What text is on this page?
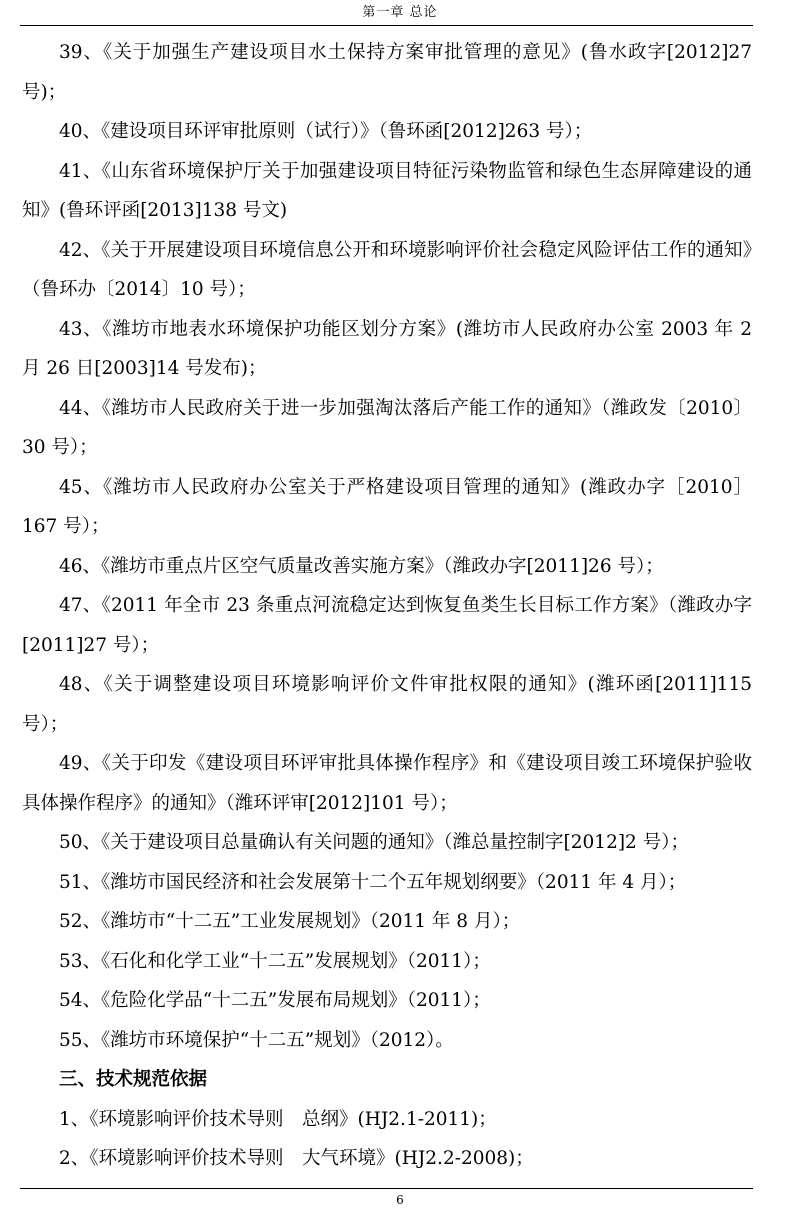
第一章 总论

39、《关于加强生产建设项目水土保持方案审批管理的意见》(鲁水政字[2012]27 号)；

40、《建设项目环评审批原则（试行）》（鲁环函[2012]263 号）；

41、《山东省环境保护厅关于加强建设项目特征污染物监管和绿色生态屏障建设的通知》(鲁环评函[2013]138 号文)

42、《关于开展建设项目环境信息公开和环境影响评价社会稳定风险评估工作的通知》（鲁环办〔2014〕10 号）；

43、《潍坊市地表水环境保护功能区划分方案》(潍坊市人民政府办公室 2003 年 2 月 26 日[2003]14 号发布)；

44、《潍坊市人民政府关于进一步加强淘汰落后产能工作的通知》（潍政发〔2010〕30 号）；

45、《潍坊市人民政府办公室关于严格建设项目管理的通知》(潍政办字［2010］167 号）；

46、《潍坊市重点片区空气质量改善实施方案》（潍政办字[2011]26 号）；

47、《2011 年全市 23 条重点河流稳定达到恢复鱼类生长目标工作方案》（潍政办字[2011]27 号）；

48、《关于调整建设项目环境影响评价文件审批权限的通知》(潍环函[2011]115 号）；

49、《关于印发《建设项目环评审批具体操作程序》和《建设项目竣工环境保护验收具体操作程序》的通知》（潍环评审[2012]101 号）；

50、《关于建设项目总量确认有关问题的通知》（潍总量控制字[2012]2 号）；

51、《潍坊市国民经济和社会发展第十二个五年规划纲要》（2011 年 4 月）；

52、《潍坊市“十二五”工业发展规划》（2011 年 8 月）；

53、《石化和化学工业“十二五”发展规划》（2011）；

54、《危险化学品“十二五”发展布局规划》（2011）；

55、《潍坊市环境保护“十二五”规划》（2012）。

三、技术规范依据

1、《环境影响评价技术导则　总纲》(HJ2.1-2011)；

2、《环境影响评价技术导则　大气环境》(HJ2.2-2008)；

6
